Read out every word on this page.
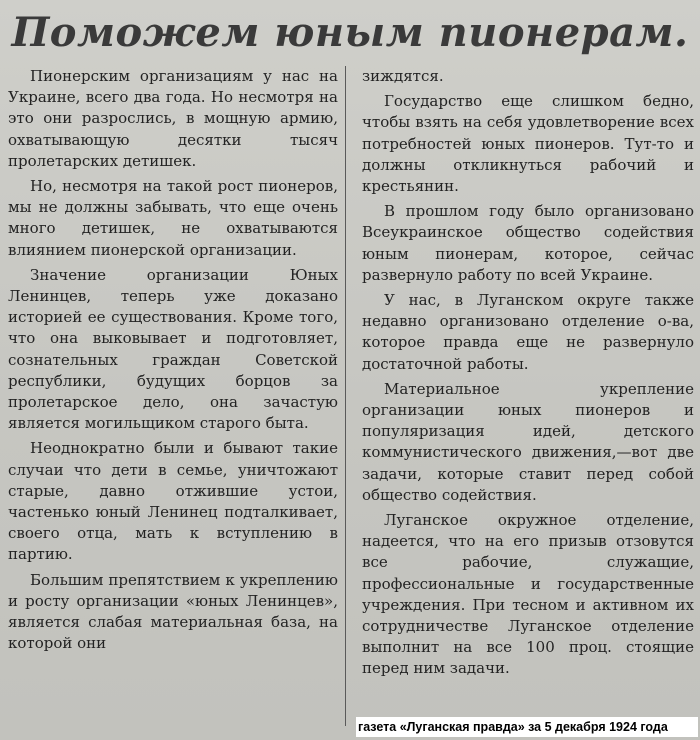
Поможем юным пионерам.

Пионерским организациям у нас на Украине, всего два года. Но несмотря на это они разрослись, в мощную армию, охватывающую десятки тысяч пролетарских детишек.

Но, несмотря на такой рост пионеров, мы не должны забывать, что еще очень много детишек, не охватываются влиянием пионерской организации.

Значение организации Юных Ленинцев, теперь уже доказано историей ее существования. Кроме того, что она выковывает и подготовляет, сознательных граждан Советской республики, будущих борцов за пролетарское дело, она зачастую является могильщиком старого быта.

Неоднократно были и бывают такие случаи что дети в семье, уничтожают старые, давно отжившие устои, частенько юный Ленинец подталкивает, своего отца, мать к вступлению в партию.

Большим препятствием к укреплению и росту организации «юных Ленинцев», является слабая материальная база, на которой они

зиждятся.

Государство еще слишком бедно, чтобы взять на себя удовлетворение всех потребностей юных пионеров. Тут-то и должны откликнуться рабочий и крестьянин.

В прошлом году было организовано Всеукраинское общество содействия юным пионерам, которое, сейчас развернуло работу по всей Украине.

У нас, в Луганском округе также недавно организовано отделение о-ва, которое правда еще не развернуло достаточной работы.

Материальное укрепление организации юных пионеров и популяризация идей, детского коммунистического движения,—вот две задачи, которые ставит перед собой общество содействия.

Луганское окружное отделение, надеется, что на его призыв отзовутся все рабочие, служащие, профессиональные и государственные учреждения. При тесном и активном их сотрудничестве Луганское отделение выполнит на все 100 проц. стоящие перед ним задачи.

газета «Луганская правда» за 5 декабря 1924 года
